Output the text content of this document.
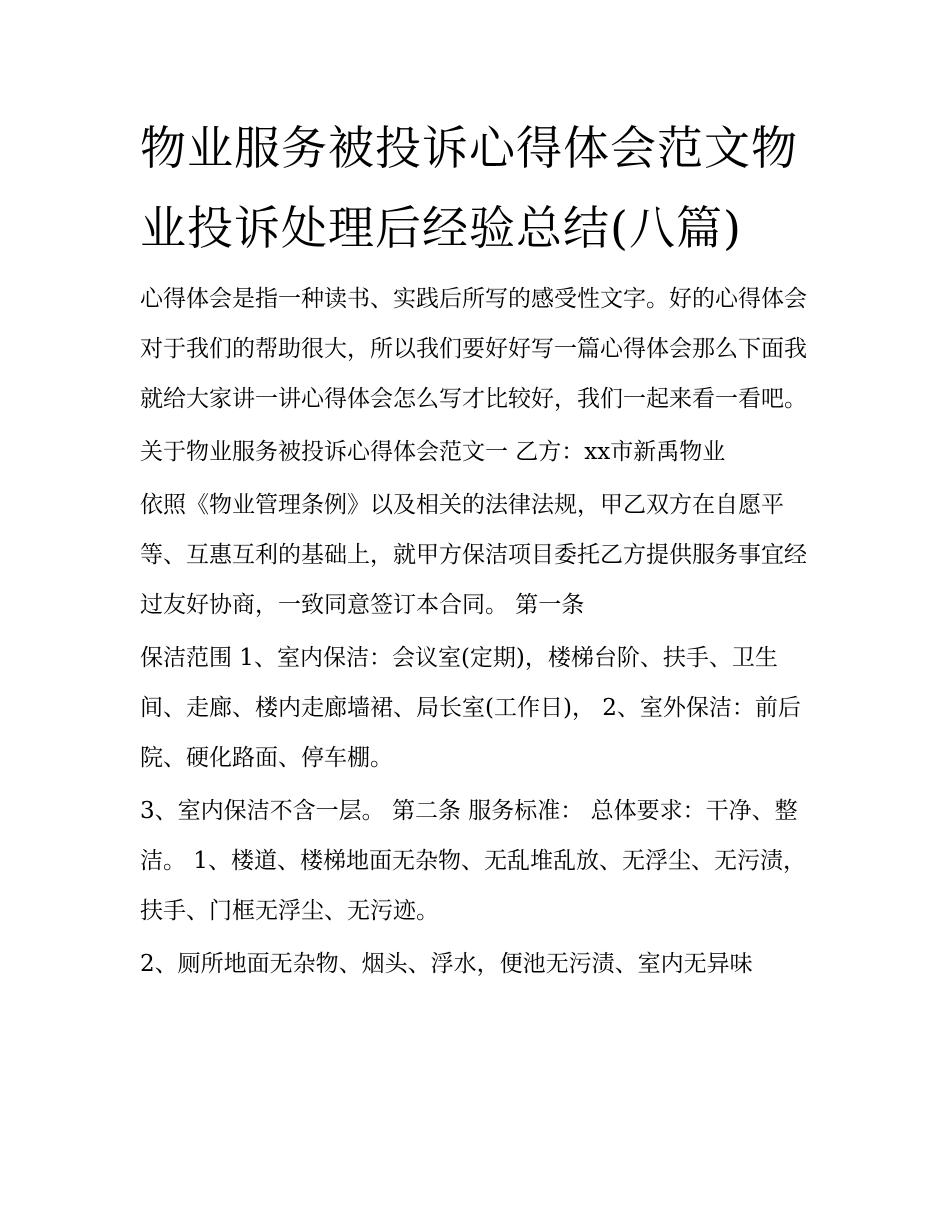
物业服务被投诉心得体会范文物业投诉处理后经验总结(八篇)

心得体会是指一种读书、实践后所写的感受性文字。好的心得体会对于我们的帮助很大，所以我们要好好写一篇心得体会那么下面我就给大家讲一讲心得体会怎么写才比较好，我们一起来看一看吧。

关于物业服务被投诉心得体会范文一 乙方：xx市新禹物业

依照《物业管理条例》以及相关的法律法规，甲乙双方在自愿平等、互惠互利的基础上，就甲方保洁项目委托乙方提供服务事宜经过友好协商，一致同意签订本合同。 第一条

保洁范围 1、室内保洁：会议室(定期)，楼梯台阶、扶手、卫生间、走廊、楼内走廊墙裙、局长室(工作日)， 2、室外保洁：前后院、硬化路面、停车棚。

3、室内保洁不含一层。 第二条 服务标准： 总体要求：干净、整洁。 1、楼道、楼梯地面无杂物、无乱堆乱放、无浮尘、无污渍，扶手、门框无浮尘、无污迹。

2、厕所地面无杂物、烟头、浮水，便池无污渍、室内无异味
